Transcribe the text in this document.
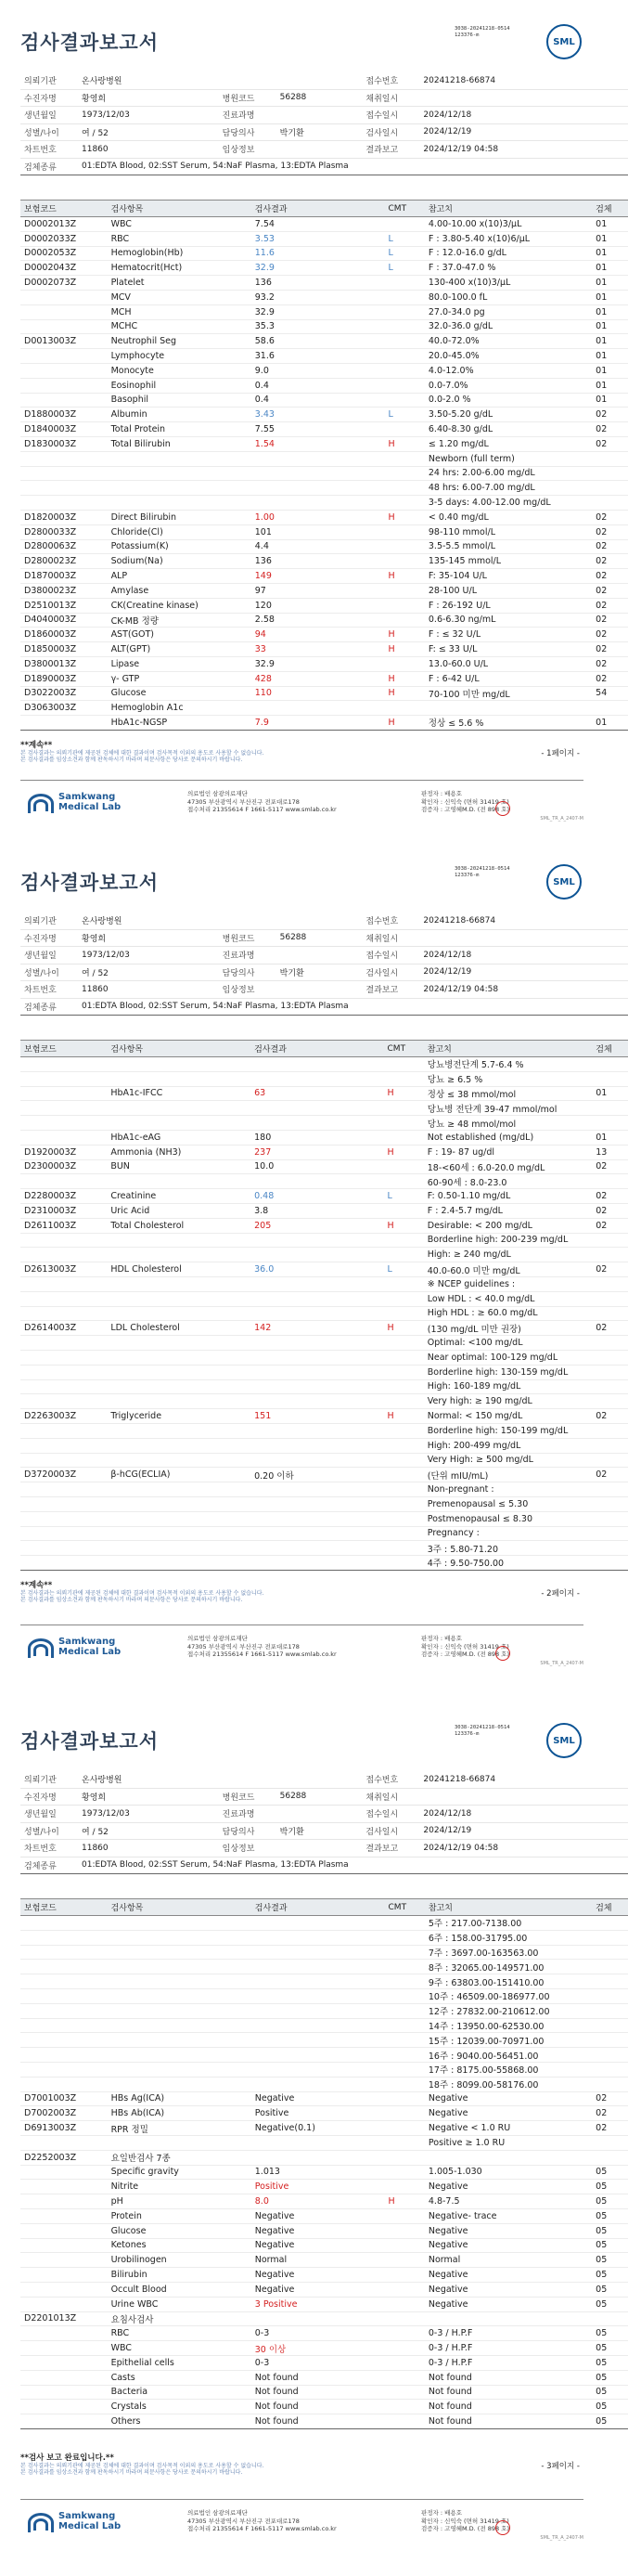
검사결과보고서
3038-20241218-0514
123376-m
SML
의뢰기관	온사랑병원			접수번호	20241218-66874
수진자명	황영희	병원코드	56288	채취일시	
생년월일	1973/12/03	진료과명		접수일시	2024/12/18
성별/나이	여 / 52	담당의사	박기환	검사일시	2024/12/19
차트번호	11860	임상정보		결과보고	2024/12/19 04:58
검체종류	01:EDTA Blood, 02:SST Serum, 54:NaF Plasma, 13:EDTA Plasma				
보험코드	검사항목	검사결과	CMT	참고치	검체
D0002013Z	WBC	7.54		4.00-10.00 x(10)3/μL	01
D0002033Z	RBC	3.53	L	F : 3.80-5.40 x(10)6/μL	01
D0002053Z	Hemoglobin(Hb)	11.6	L	F : 12.0-16.0 g/dL	01
D0002043Z	Hematocrit(Hct)	32.9	L	F : 37.0-47.0 %	01
D0002073Z	Platelet	136		130-400 x(10)3/μL	01
	MCV	93.2		80.0-100.0 fL	01
	MCH	32.9		27.0-34.0 pg	01
	MCHC	35.3		32.0-36.0 g/dL	01
D0013003Z	Neutrophil Seg	58.6		40.0-72.0%	01
	Lymphocyte	31.6		20.0-45.0%	01
	Monocyte	9.0		4.0-12.0%	01
	Eosinophil	0.4		0.0-7.0%	01
	Basophil	0.4		0.0-2.0 %	01
D1880003Z	Albumin	3.43	L	3.50-5.20 g/dL	02
D1840003Z	Total Protein	7.55		6.40-8.30 g/dL	02
D1830003Z	Total Bilirubin	1.54	H	≤ 1.20 mg/dL	02
				Newborn (full term)	
				24 hrs: 2.00-6.00 mg/dL	
				48 hrs: 6.00-7.00 mg/dL	
				3-5 days: 4.00-12.00 mg/dL	
D1820003Z	Direct Bilirubin	1.00	H	< 0.40 mg/dL	02
D2800033Z	Chloride(Cl)	101		98-110 mmol/L	02
D2800063Z	Potassium(K)	4.4		3.5-5.5 mmol/L	02
D2800023Z	Sodium(Na)	136		135-145 mmol/L	02
D1870003Z	ALP	149	H	F: 35-104 U/L	02
D3800023Z	Amylase	97		28-100 U/L	02
D2510013Z	CK(Creatine kinase)	120		F : 26-192 U/L	02
D4040003Z	CK-MB 정량	2.58		0.6-6.30 ng/mL	02
D1860003Z	AST(GOT)	94	H	F : ≤ 32 U/L	02
D1850003Z	ALT(GPT)	33	H	F: ≤ 33 U/L	02
D3800013Z	Lipase	32.9		13.0-60.0 U/L	02
D1890003Z	γ- GTP	428	H	F : 6-42 U/L	02
D3022003Z	Glucose	110	H	70-100 미만 mg/dL	54
D3063003Z	Hemoglobin A1c				
	HbA1c-NGSP	7.9	H	정상 ≤ 5.6 %	01
**계속**
본 검사결과는 의뢰기관에 제공된 검체에 대한 결과이며 검사목적 이외의 용도로 사용할 수 없습니다.
본 검사결과를 임상소견과 함께 판독하시기 바라며 의문사항은 당사로 문의하시기 바랍니다.
- 1페이지 -
Samkwang
Medical Lab
의료법인 삼광의료재단
47305 부산광역시 부산진구 전포대로178
접수처리 21355614 F 1661-5117 www.smlab.co.kr
판정자 : 배용호
확인자 : 신익숙 (면허 31419 호)
검증자 : 고영혜M.D. (전 898 호)
SML_TR_A_2407-M
검사결과보고서
3038-20241218-0514
123376-m
SML
의뢰기관	온사랑병원			접수번호	20241218-66874
수진자명	황영희	병원코드	56288	채취일시	
생년월일	1973/12/03	진료과명		접수일시	2024/12/18
성별/나이	여 / 52	담당의사	박기환	검사일시	2024/12/19
차트번호	11860	임상정보		결과보고	2024/12/19 04:58
검체종류	01:EDTA Blood, 02:SST Serum, 54:NaF Plasma, 13:EDTA Plasma				
보험코드	검사항목	검사결과	CMT	참고치	검체
				당뇨병전단계 5.7-6.4 %	
				당뇨 ≥ 6.5 %	
	HbA1c-IFCC	63	H	정상 ≤ 38 mmol/mol	01
				당뇨병 전단계 39-47 mmol/mol	
				당뇨 ≥ 48 mmol/mol	
	HbA1c-eAG	180		Not established (mg/dL)	01
D1920003Z	Ammonia (NH3)	237	H	F : 19- 87 ug/dl	13
D2300003Z	BUN	10.0		18-<60세 : 6.0-20.0 mg/dL	02
				60-90세 : 8.0-23.0	
D2280003Z	Creatinine	0.48	L	F: 0.50-1.10 mg/dL	02
D2310003Z	Uric Acid	3.8		F : 2.4-5.7 mg/dL	02
D2611003Z	Total Cholesterol	205	H	Desirable: < 200 mg/dL	02
				Borderline high: 200-239 mg/dL	
				High: ≥ 240 mg/dL	
D2613003Z	HDL Cholesterol	36.0	L	40.0-60.0 미만 mg/dL	02
				※ NCEP guidelines :	
				Low HDL : < 40.0 mg/dL	
				High HDL : ≥ 60.0 mg/dL	
D2614003Z	LDL Cholesterol	142	H	(130 mg/dL 미만 권장)	02
				Optimal: <100 mg/dL	
				Near optimal: 100-129 mg/dL	
				Borderline high: 130-159 mg/dL	
				High: 160-189 mg/dL	
				Very high: ≥ 190 mg/dL	
D2263003Z	Triglyceride	151	H	Normal: < 150 mg/dL	02
				Borderline high: 150-199 mg/dL	
				High: 200-499 mg/dL	
				Very High: ≥ 500 mg/dL	
D3720003Z	β-hCG(ECLIA)	0.20 이하		(단위 mIU/mL)	02
				Non-pregnant :	
				Premenopausal ≤ 5.30	
				Postmenopausal ≤ 8.30	
				Pregnancy :	
				3주 : 5.80-71.20	
				4주 : 9.50-750.00	
**계속**
본 검사결과는 의뢰기관에 제공된 검체에 대한 결과이며 검사목적 이외의 용도로 사용할 수 없습니다.
본 검사결과를 임상소견과 함께 판독하시기 바라며 의문사항은 당사로 문의하시기 바랍니다.
- 2페이지 -
Samkwang
Medical Lab
의료법인 삼광의료재단
47305 부산광역시 부산진구 전포대로178
접수처리 21355614 F 1661-5117 www.smlab.co.kr
판정자 : 배용호
확인자 : 신익숙 (면허 31419 호)
검증자 : 고영혜M.D. (전 898 호)
SML_TR_A_2407-M
검사결과보고서
3038-20241218-0514
123376-m
SML
의뢰기관	온사랑병원			접수번호	20241218-66874
수진자명	황영희	병원코드	56288	채취일시	
생년월일	1973/12/03	진료과명		접수일시	2024/12/18
성별/나이	여 / 52	담당의사	박기환	검사일시	2024/12/19
차트번호	11860	임상정보		결과보고	2024/12/19 04:58
검체종류	01:EDTA Blood, 02:SST Serum, 54:NaF Plasma, 13:EDTA Plasma				
보험코드	검사항목	검사결과	CMT	참고치	검체
				5주 : 217.00-7138.00	
				6주 : 158.00-31795.00	
				7주 : 3697.00-163563.00	
				8주 : 32065.00-149571.00	
				9주 : 63803.00-151410.00	
				10주 : 46509.00-186977.00	
				12주 : 27832.00-210612.00	
				14주 : 13950.00-62530.00	
				15주 : 12039.00-70971.00	
				16주 : 9040.00-56451.00	
				17주 : 8175.00-55868.00	
				18주 : 8099.00-58176.00	
D7001003Z	HBs Ag(ICA)	Negative		Negative	02
D7002003Z	HBs Ab(ICA)	Positive		Negative	02
D6913003Z	RPR 정밀	Negative(0.1)		Negative < 1.0 RU	02
				Positive ≥ 1.0 RU	
D2252003Z	요일반검사 7종				
	Specific gravity	1.013		1.005-1.030	05
	Nitrite	Positive		Negative	05
	pH	8.0	H	4.8-7.5	05
	Protein	Negative		Negative- trace	05
	Glucose	Negative		Negative	05
	Ketones	Negative		Negative	05
	Urobilinogen	Normal		Normal	05
	Bilirubin	Negative		Negative	05
	Occult Blood	Negative		Negative	05
	Urine WBC	3 Positive		Negative	05
D2201013Z	요침사검사				
	RBC	0-3		0-3 / H.P.F	05
	WBC	30 이상		0-3 / H.P.F	05
	Epithelial cells	0-3		0-3 / H.P.F	05
	Casts	Not found		Not found	05
	Bacteria	Not found		Not found	05
	Crystals	Not found		Not found	05
	Others	Not found		Not found	05
**검사 보고 완료입니다.**
본 검사결과는 의뢰기관에 제공된 검체에 대한 결과이며 검사목적 이외의 용도로 사용할 수 없습니다.
본 검사결과를 임상소견과 함께 판독하시기 바라며 의문사항은 당사로 문의하시기 바랍니다.
- 3페이지 -
Samkwang
Medical Lab
의료법인 삼광의료재단
47305 부산광역시 부산진구 전포대로178
접수처리 21355614 F 1661-5117 www.smlab.co.kr
판정자 : 배용호
확인자 : 신익숙 (면허 31419 호)
검증자 : 고영혜M.D. (전 898 호)
SML_TR_A_2407-M
